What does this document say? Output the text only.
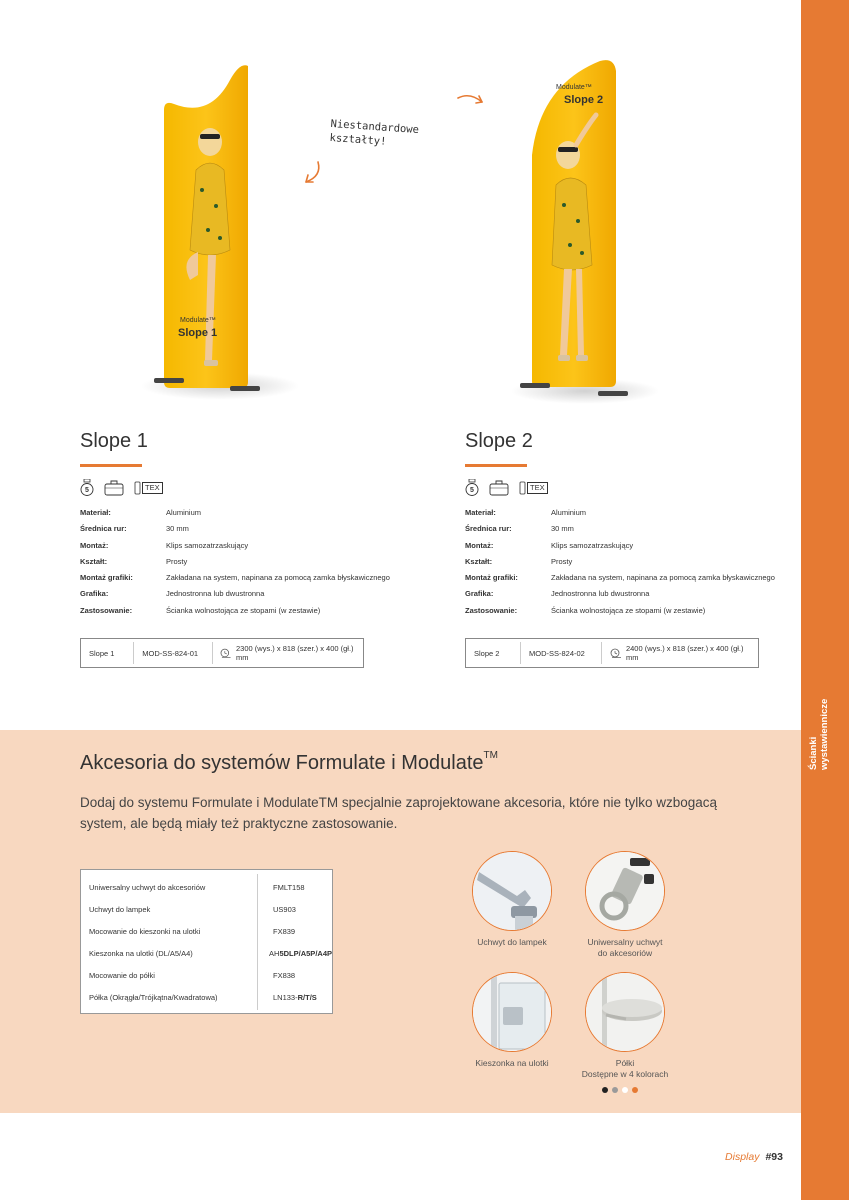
Ścianki wystawiennicze
Modulate™
Slope 1
Niestandardowe
kształty!
Modulate™
Slope 2
Slope 1
5	TEX
Materiał:	Aluminium
Średnica rur:	30 mm
Montaż:	Klips samozatrzaskujący
Kształt:	Prosty
Montaż grafiki:	Zakładana na system, napinana za pomocą zamka błyskawicznego
Grafika:	Jednostronna lub dwustronna
Zastosowanie:	Ścianka wolnostojąca ze stopami (w zestawie)
Slope 1	MOD-SS-824-01	2300 (wys.) x 818 (szer.) x 400 (gł.) mm
Slope 2
5	TEX
Materiał:	Aluminium
Średnica rur:	30 mm
Montaż:	Klips samozatrzaskujący
Kształt:	Prosty
Montaż grafiki:	Zakładana na system, napinana za pomocą zamka błyskawicznego
Grafika:	Jednostronna lub dwustronna
Zastosowanie:	Ścianka wolnostojąca ze stopami (w zestawie)
Slope 2	MOD-SS-824-02	2400 (wys.) x 818 (szer.) x 400 (gł.) mm
Akcesoria do systemów Formulate i Modulate™
Dodaj do systemu Formulate i ModulateTM specjalnie zaprojektowane akcesoria, które nie tylko wzbogacą system, ale będą miały też praktyczne zastosowanie.
Uniwersalny uchwyt do akcesoriów	FMLT158
Uchwyt do lampek	US903
Mocowanie do kieszonki na ulotki	FX839
Kieszonka na ulotki (DL/A5/A4)	AH5DLP/A5P/A4P
Mocowanie do półki	FX838
Półka (Okrągła/Trójkątna/Kwadratowa)	LN133-R/T/S
Uchwyt do lampek	Uniwersalny uchwyt
do akcesoriów
Kieszonka na ulotki	Półki
Dostępne w 4 kolorach
Display #93
